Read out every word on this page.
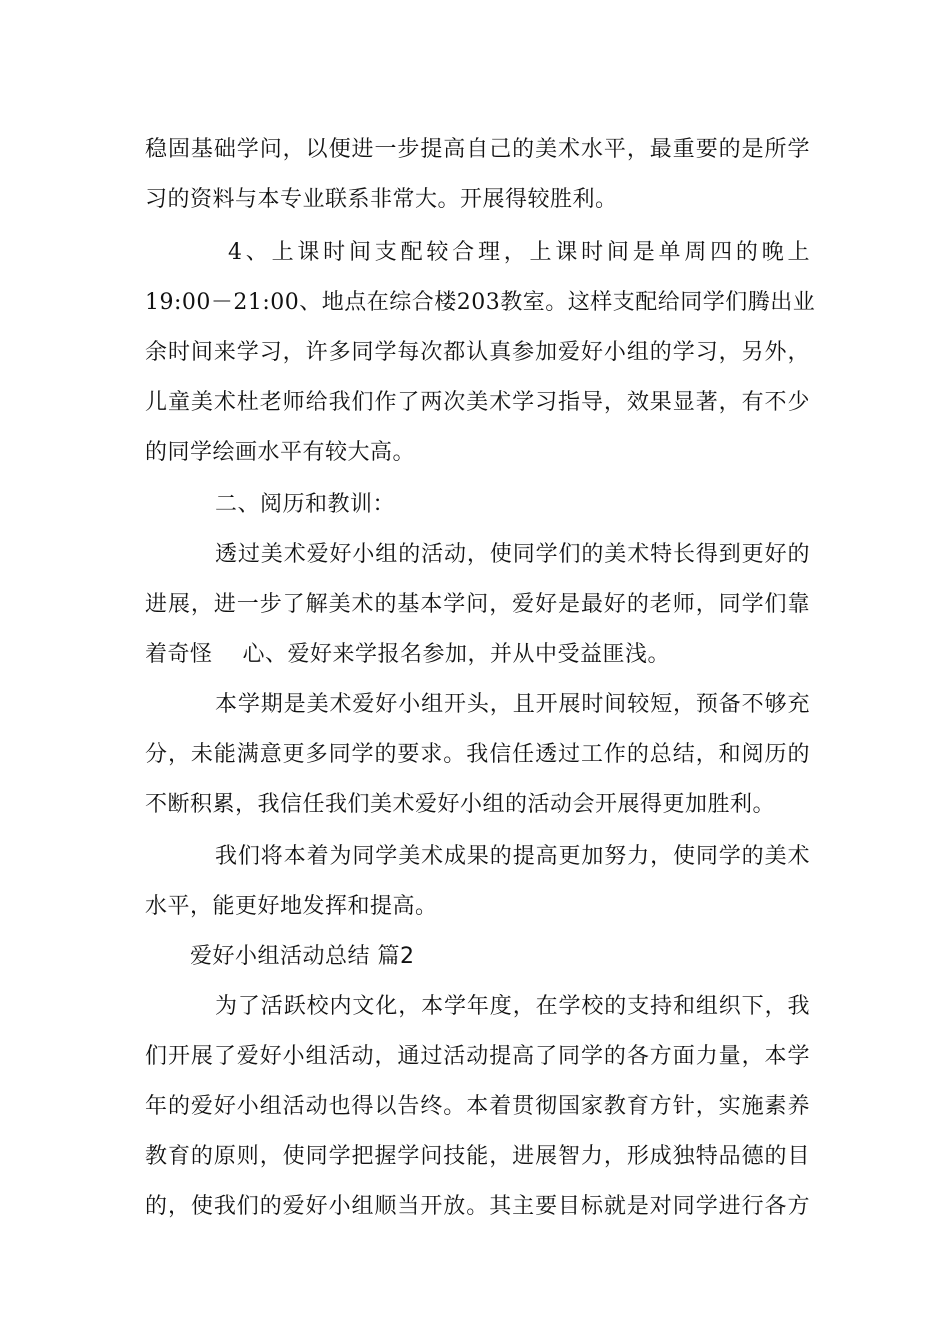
稳固基础学问，以便进一步提高自己的美术水平，最重要的是所学
习的资料与本专业联系非常大。开展得较胜利。
4、上课时间支配较合理，上课时间是单周四的晚上
19:00－21:00、地点在综合楼203教室。这样支配给同学们腾出业
余时间来学习，许多同学每次都认真参加爱好小组的学习，另外，
儿童美术杜老师给我们作了两次美术学习指导，效果显著，有不少
的同学绘画水平有较大高。
二、阅历和教训：
透过美术爱好小组的活动，使同学们的美术特长得到更好的
进展，进一步了解美术的基本学问，爱好是最好的老师，同学们靠
着奇怪　 心、爱好来学报名参加，并从中受益匪浅。
本学期是美术爱好小组开头，且开展时间较短，预备不够充
分，未能满意更多同学的要求。我信任透过工作的总结，和阅历的
不断积累，我信任我们美术爱好小组的活动会开展得更加胜利。
我们将本着为同学美术成果的提高更加努力，使同学的美术
水平，能更好地发挥和提高。
爱好小组活动总结 篇2
为了活跃校内文化，本学年度，在学校的支持和组织下，我
们开展了爱好小组活动，通过活动提高了同学的各方面力量，本学
年的爱好小组活动也得以告终。本着贯彻国家教育方针，实施素养
教育的原则，使同学把握学问技能，进展智力，形成独特品德的目
的，使我们的爱好小组顺当开放。其主要目标就是对同学进行各方
